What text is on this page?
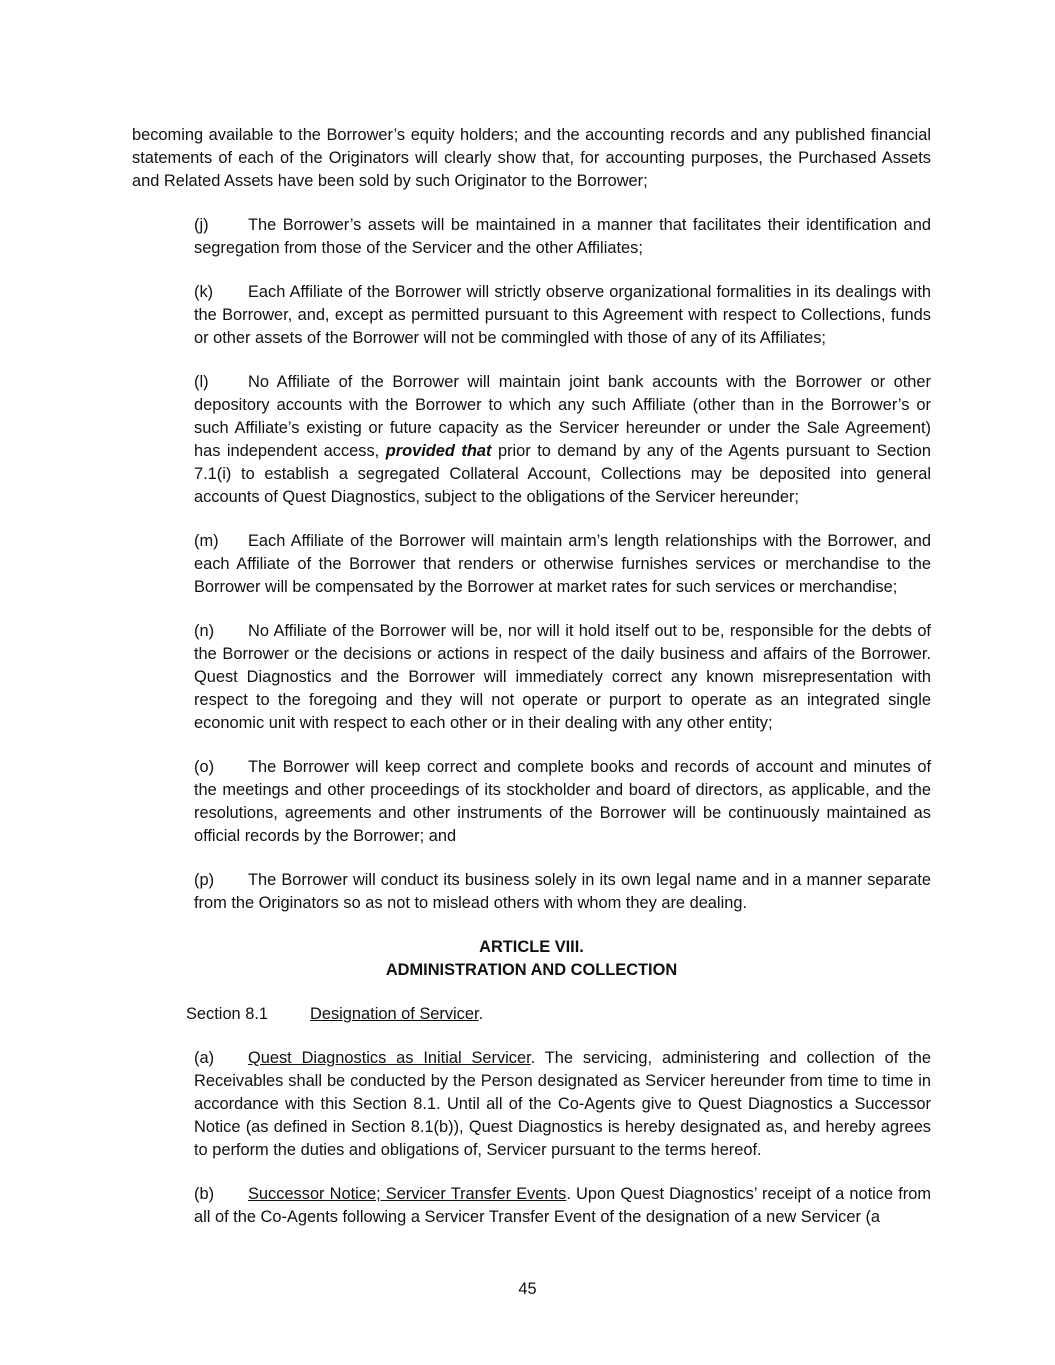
becoming available to the Borrower’s equity holders; and the accounting records and any published financial statements of each of the Originators will clearly show that, for accounting purposes, the Purchased Assets and Related Assets have been sold by such Originator to the Borrower;

(j) The Borrower’s assets will be maintained in a manner that facilitates their identification and segregation from those of the Servicer and the other Affiliates;

(k) Each Affiliate of the Borrower will strictly observe organizational formalities in its dealings with the Borrower, and, except as permitted pursuant to this Agreement with respect to Collections, funds or other assets of the Borrower will not be commingled with those of any of its Affiliates;

(l) No Affiliate of the Borrower will maintain joint bank accounts with the Borrower or other depository accounts with the Borrower to which any such Affiliate (other than in the Borrower’s or such Affiliate’s existing or future capacity as the Servicer hereunder or under the Sale Agreement) has independent access, provided that prior to demand by any of the Agents pursuant to Section 7.1(i) to establish a segregated Collateral Account, Collections may be deposited into general accounts of Quest Diagnostics, subject to the obligations of the Servicer hereunder;

(m) Each Affiliate of the Borrower will maintain arm’s length relationships with the Borrower, and each Affiliate of the Borrower that renders or otherwise furnishes services or merchandise to the Borrower will be compensated by the Borrower at market rates for such services or merchandise;

(n) No Affiliate of the Borrower will be, nor will it hold itself out to be, responsible for the debts of the Borrower or the decisions or actions in respect of the daily business and affairs of the Borrower. Quest Diagnostics and the Borrower will immediately correct any known misrepresentation with respect to the foregoing and they will not operate or purport to operate as an integrated single economic unit with respect to each other or in their dealing with any other entity;

(o) The Borrower will keep correct and complete books and records of account and minutes of the meetings and other proceedings of its stockholder and board of directors, as applicable, and the resolutions, agreements and other instruments of the Borrower will be continuously maintained as official records by the Borrower; and

(p) The Borrower will conduct its business solely in its own legal name and in a manner separate from the Originators so as not to mislead others with whom they are dealing.

ARTICLE VIII.

ADMINISTRATION AND COLLECTION

Section 8.1	Designation of Servicer.

(a) Quest Diagnostics as Initial Servicer. The servicing, administering and collection of the Receivables shall be conducted by the Person designated as Servicer hereunder from time to time in accordance with this Section 8.1. Until all of the Co-Agents give to Quest Diagnostics a Successor Notice (as defined in Section 8.1(b)), Quest Diagnostics is hereby designated as, and hereby agrees to perform the duties and obligations of, Servicer pursuant to the terms hereof.

(b) Successor Notice; Servicer Transfer Events. Upon Quest Diagnostics’ receipt of a notice from all of the Co-Agents following a Servicer Transfer Event of the designation of a new Servicer (a

45
